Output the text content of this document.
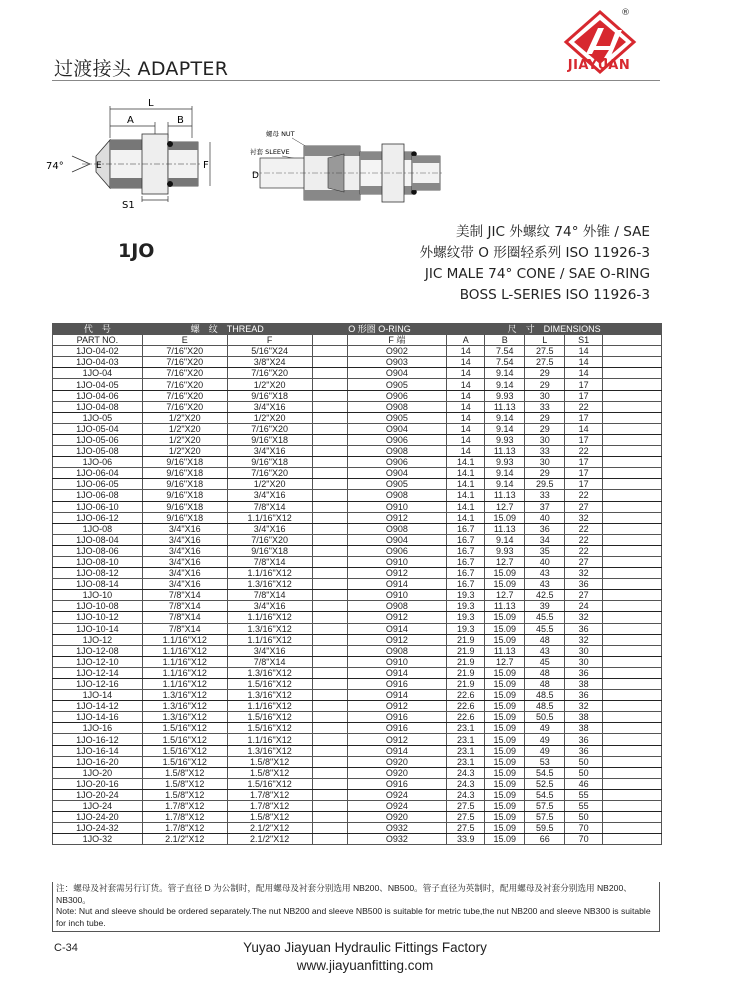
过渡接头 ADAPTER
®
JIAYUAN
L
A	B
74°	E	F
S1
螺母 NUT
衬套 SLEEVE
D
1JO
美制 JIC 外螺纹 74° 外锥 / SAE
外螺纹带 O 形圈轻系列 ISO 11926-3
JIC MALE 74° CONE / SAE O-RING
BOSS L-SERIES ISO 11926-3
代　号	螺　纹　THREAD		O 形圈 O-RING		尺　寸　DIMENSIONS				
PART NO.	E	F		F 端	A	B	L	S1	
1JO-04-02	7/16"X20	5/16"X24		O902	14	7.54	27.5	14	
1JO-04-03	7/16"X20	3/8"X24		O903	14	7.54	27.5	14	
1JO-04	7/16"X20	7/16"X20		O904	14	9.14	29	14	
1JO-04-05	7/16"X20	1/2"X20		O905	14	9.14	29	17	
1JO-04-06	7/16"X20	9/16"X18		O906	14	9.93	30	17	
1JO-04-08	7/16"X20	3/4"X16		O908	14	11.13	33	22	
1JO-05	1/2"X20	1/2"X20		O905	14	9.14	29	17	
1JO-05-04	1/2"X20	7/16"X20		O904	14	9.14	29	14	
1JO-05-06	1/2"X20	9/16"X18		O906	14	9.93	30	17	
1JO-05-08	1/2"X20	3/4"X16		O908	14	11.13	33	22	
1JO-06	9/16"X18	9/16"X18		O906	14.1	9.93	30	17	
1JO-06-04	9/16"X18	7/16"X20		O904	14.1	9.14	29	17	
1JO-06-05	9/16"X18	1/2"X20		O905	14.1	9.14	29.5	17	
1JO-06-08	9/16"X18	3/4"X16		O908	14.1	11.13	33	22	
1JO-06-10	9/16"X18	7/8"X14		O910	14.1	12.7	37	27	
1JO-06-12	9/16"X18	1.1/16"X12		O912	14.1	15.09	40	32	
1JO-08	3/4"X16	3/4"X16		O908	16.7	11.13	36	22	
1JO-08-04	3/4"X16	7/16"X20		O904	16.7	9.14	34	22	
1JO-08-06	3/4"X16	9/16"X18		O906	16.7	9.93	35	22	
1JO-08-10	3/4"X16	7/8"X14		O910	16.7	12.7	40	27	
1JO-08-12	3/4"X16	1.1/16"X12		O912	16.7	15.09	43	32	
1JO-08-14	3/4"X16	1.3/16"X12		O914	16.7	15.09	43	36	
1JO-10	7/8"X14	7/8"X14		O910	19.3	12.7	42.5	27	
1JO-10-08	7/8"X14	3/4"X16		O908	19.3	11.13	39	24	
1JO-10-12	7/8"X14	1.1/16"X12		O912	19.3	15.09	45.5	32	
1JO-10-14	7/8"X14	1.3/16"X12		O914	19.3	15.09	45.5	36	
1JO-12	1.1/16"X12	1.1/16"X12		O912	21.9	15.09	48	32	
1JO-12-08	1.1/16"X12	3/4"X16		O908	21.9	11.13	43	30	
1JO-12-10	1.1/16"X12	7/8"X14		O910	21.9	12.7	45	30	
1JO-12-14	1.1/16"X12	1.3/16"X12		O914	21.9	15.09	48	36	
1JO-12-16	1.1/16"X12	1.5/16"X12		O916	21.9	15.09	48	38	
1JO-14	1.3/16"X12	1.3/16"X12		O914	22.6	15.09	48.5	36	
1JO-14-12	1.3/16"X12	1.1/16"X12		O912	22.6	15.09	48.5	32	
1JO-14-16	1.3/16"X12	1.5/16"X12		O916	22.6	15.09	50.5	38	
1JO-16	1.5/16"X12	1.5/16"X12		O916	23.1	15.09	49	38	
1JO-16-12	1.5/16"X12	1.1/16"X12		O912	23.1	15.09	49	36	
1JO-16-14	1.5/16"X12	1.3/16"X12		O914	23.1	15.09	49	36	
1JO-16-20	1.5/16"X12	1.5/8"X12		O920	23.1	15.09	53	50	
1JO-20	1.5/8"X12	1.5/8"X12		O920	24.3	15.09	54.5	50	
1JO-20-16	1.5/8"X12	1.5/16"X12		O916	24.3	15.09	52.5	46	
1JO-20-24	1.5/8"X12	1.7/8"X12		O924	24.3	15.09	54.5	55	
1JO-24	1.7/8"X12	1.7/8"X12		O924	27.5	15.09	57.5	55	
1JO-24-20	1.7/8"X12	1.5/8"X12		O920	27.5	15.09	57.5	50	
1JO-24-32	1.7/8"X12	2.1/2"X12		O932	27.5	15.09	59.5	70	
1JO-32	2.1/2"X12	2.1/2"X12		O932	33.9	15.09	66	70	
注：螺母及衬套需另行订货。管子直径 D 为公制时，配用螺母及衬套分别选用 NB200、NB500。管子直径为英制时，配用螺母及衬套分别选用 NB200、NB300。
Note: Nut and sleeve should be ordered separately.The nut NB200 and sleeve NB500 is suitable for metric tube,the nut NB200 and sleeve NB300 is suitable for inch tube.
C-34	Yuyao Jiayuan Hydraulic Fittings Factory
www.jiayuanfitting.com
